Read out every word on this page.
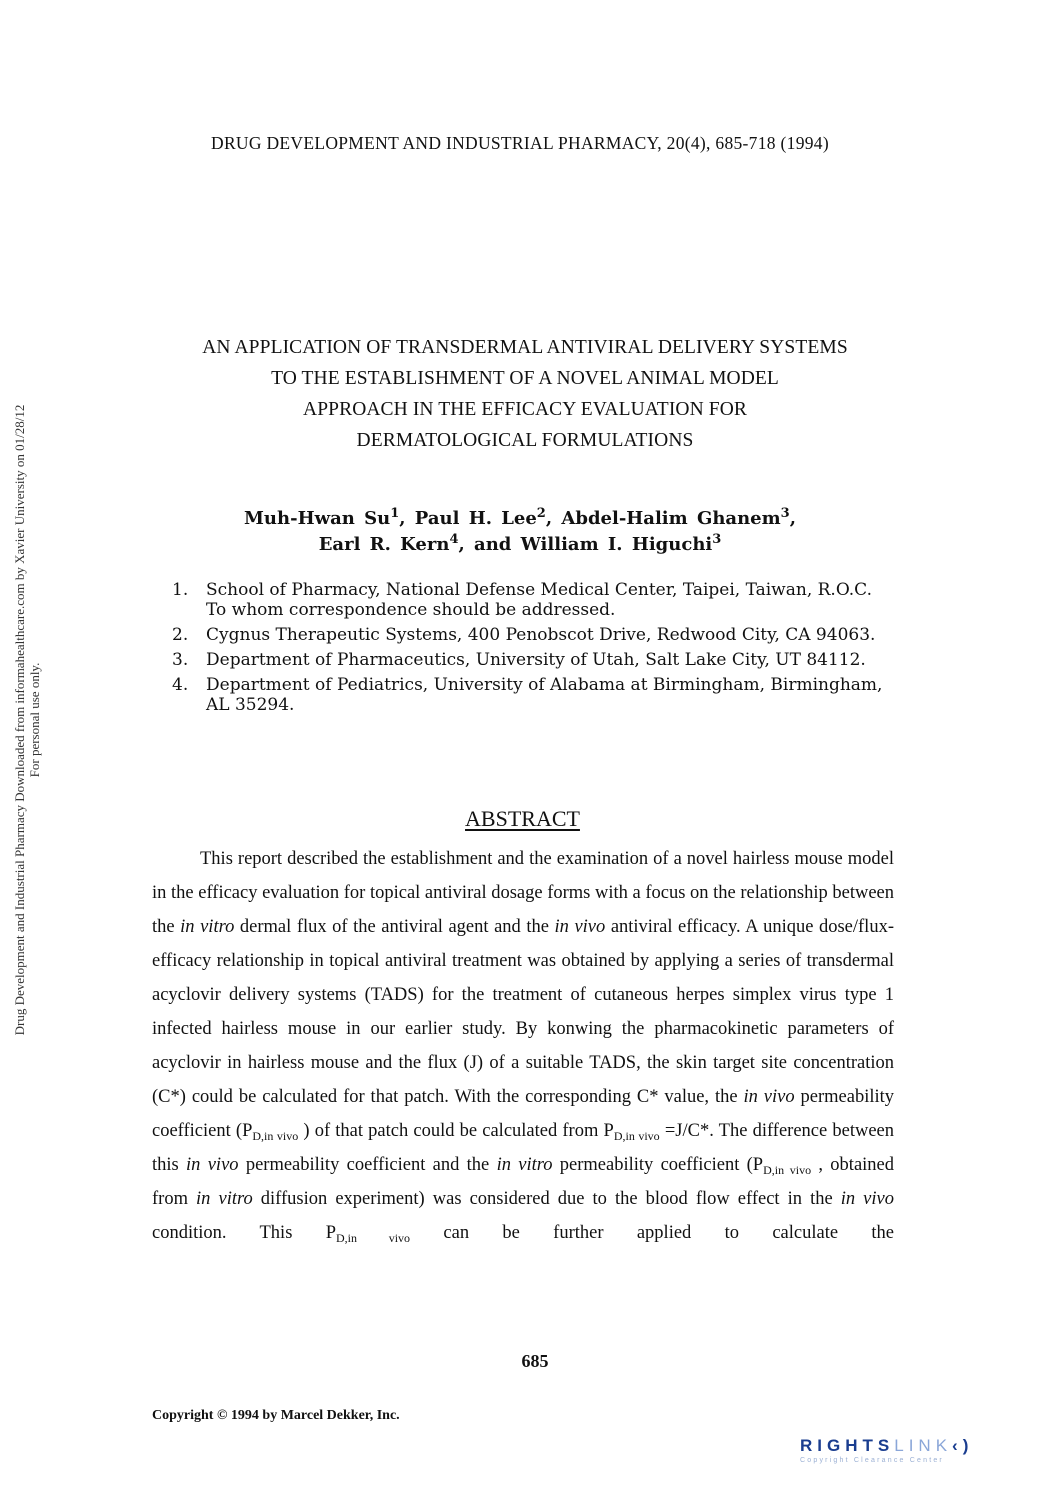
DRUG DEVELOPMENT AND INDUSTRIAL PHARMACY, 20(4), 685-718 (1994)
Drug Development and Industrial Pharmacy Downloaded from informahealthcare.com by Xavier University on 01/28/12 For personal use only.
AN APPLICATION OF TRANSDERMAL ANTIVIRAL DELIVERY SYSTEMS
TO THE ESTABLISHMENT OF A NOVEL ANIMAL MODEL
APPROACH IN THE EFFICACY EVALUATION FOR
DERMATOLOGICAL FORMULATIONS
Muh-Hwan Su$^1$, Paul H. Lee$^2$, Abdel-Halim Ghanem$^3$,
Earl R. Kern$^4$, and William I. Higuchi$^3$
1.	School of Pharmacy, National Defense Medical Center, Taipei, Taiwan, R.O.C. To whom correspondence should be addressed.
2.	Cygnus Therapeutic Systems, 400 Penobscot Drive, Redwood City, CA 94063.
3.	Department of Pharmaceutics, University of Utah, Salt Lake City, UT 84112.
4.	Department of Pediatrics, University of Alabama at Birmingham, Birmingham, AL 35294.
ABSTRACT

This report described the establishment and the examination of a novel hairless mouse model in the efficacy evaluation for topical antiviral dosage forms with a focus on the relationship between the in vitro dermal flux of the antiviral agent and the in vivo antiviral efficacy. A unique dose/flux-efficacy relationship in topical antiviral treatment was obtained by applying a series of transdermal acyclovir delivery systems (TADS) for the treatment of cutaneous herpes simplex virus type 1 infected hairless mouse in our earlier study. By konwing the pharmacokinetic parameters of acyclovir in hairless mouse and the flux (J) of a suitable TADS, the skin target site concentration (C*) could be calculated for that patch. With the corresponding C* value, the in vivo permeability coefficient ($P_{D,in vivo}$ ) of that patch could be calculated from $P_{D,in vivo} =J/C*$. The difference between this in vivo permeability coefficient and the in vitro permeability coefficient ($P_{D,in vivo}$ , obtained from in vitro diffusion experiment) was considered due to the blood flow effect in the in vivo condition. This $P_{D,in vivo}$ can be further applied to calculate the

685
Copyright © 1994 by Marcel Dekker, Inc.
RIGHTSLINK‹)
Copyright Clearance Center
